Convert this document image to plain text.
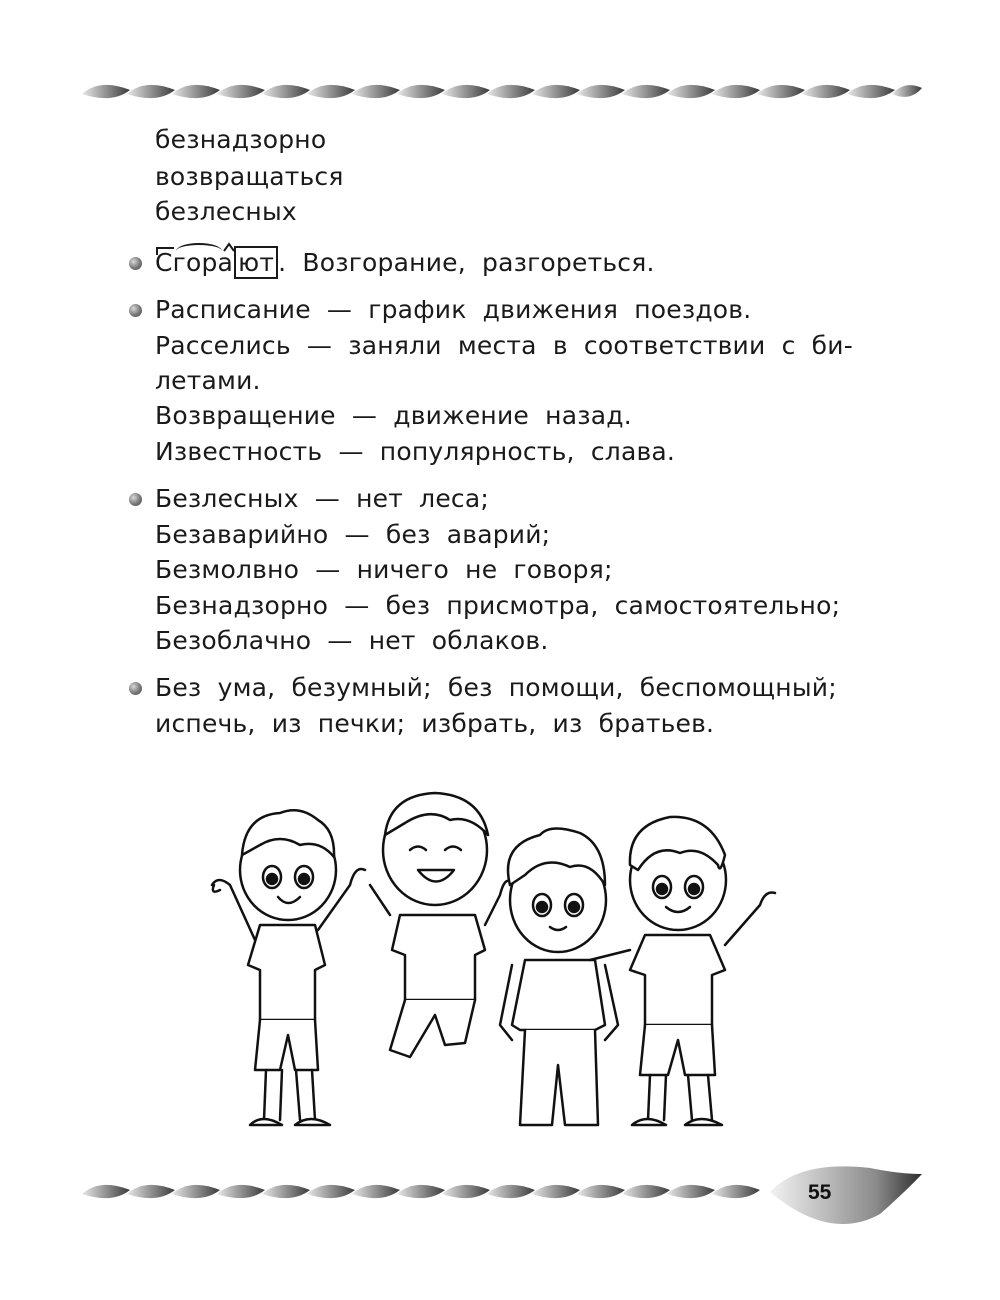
безнадзорно
возвращаться
безлесных
Сгора ют . Возгорание, разгореться.
Расписание — график движения поездов.
Расселись — заняли места в соответствии с би-
летами.
Возвращение — движение назад.
Известность — популярность, слава.
Безлесных — нет леса;
Безаварийно — без аварий;
Безмолвно — ничего не говоря;
Безнадзорно — без присмотра, самостоятельно;
Безоблачно — нет облаков.
Без ума, безумный; без помощи, беспомощный;
испечь, из печки; избрать, из братьев.
55
